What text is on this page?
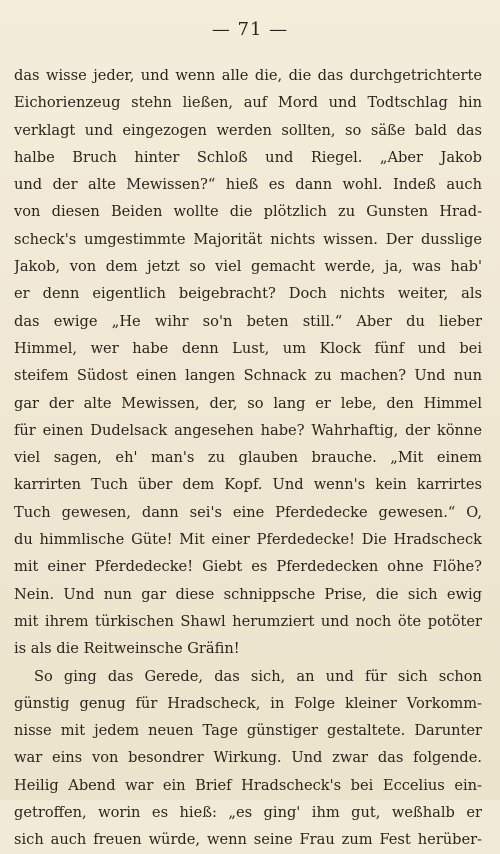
— 71 —
das wisse jeder, und wenn alle die, die das durchgetrichterte
Eichorienzeug stehn ließen, auf Mord und Todtschlag hin
verklagt und eingezogen werden sollten, so säße bald das
halbe Bruch hinter Schloß und Riegel. „Aber Jakob
und der alte Mewissen?“ hieß es dann wohl. Indeß auch
von diesen Beiden wollte die plötzlich zu Gunsten Hrad-
scheck's umgestimmte Majorität nichts wissen. Der dusslige
Jakob, von dem jetzt so viel gemacht werde, ja, was hab'
er denn eigentlich beigebracht? Doch nichts weiter, als
das ewige „He wihr so'n beten still.“ Aber du lieber
Himmel, wer habe denn Lust, um Klock fünf und bei
steifem Südost einen langen Schnack zu machen? Und nun
gar der alte Mewissen, der, so lang er lebe, den Himmel
für einen Dudelsack angesehen habe? Wahrhaftig, der könne
viel sagen, eh' man's zu glauben brauche. „Mit einem
karrirten Tuch über dem Kopf. Und wenn's kein karrirtes
Tuch gewesen, dann sei's eine Pferdedecke gewesen.“ O,
du himmlische Güte! Mit einer Pferdedecke! Die Hradscheck
mit einer Pferdedecke! Giebt es Pferdedecken ohne Flöhe?
Nein. Und nun gar diese schnippsche Prise, die sich ewig
mit ihrem türkischen Shawl herumziert und noch öte potöter
is als die Reitweinsche Gräfin!
So ging das Gerede, das sich, an und für sich schon
günstig genug für Hradscheck, in Folge kleiner Vorkomm-
nisse mit jedem neuen Tage günstiger gestaltete. Darunter
war eins von besondrer Wirkung. Und zwar das folgende.
Heilig Abend war ein Brief Hradscheck's bei Eccelius ein-
getroffen, worin es hieß: „es ging' ihm gut, weßhalb er
sich auch freuen würde, wenn seine Frau zum Fest herüber-
